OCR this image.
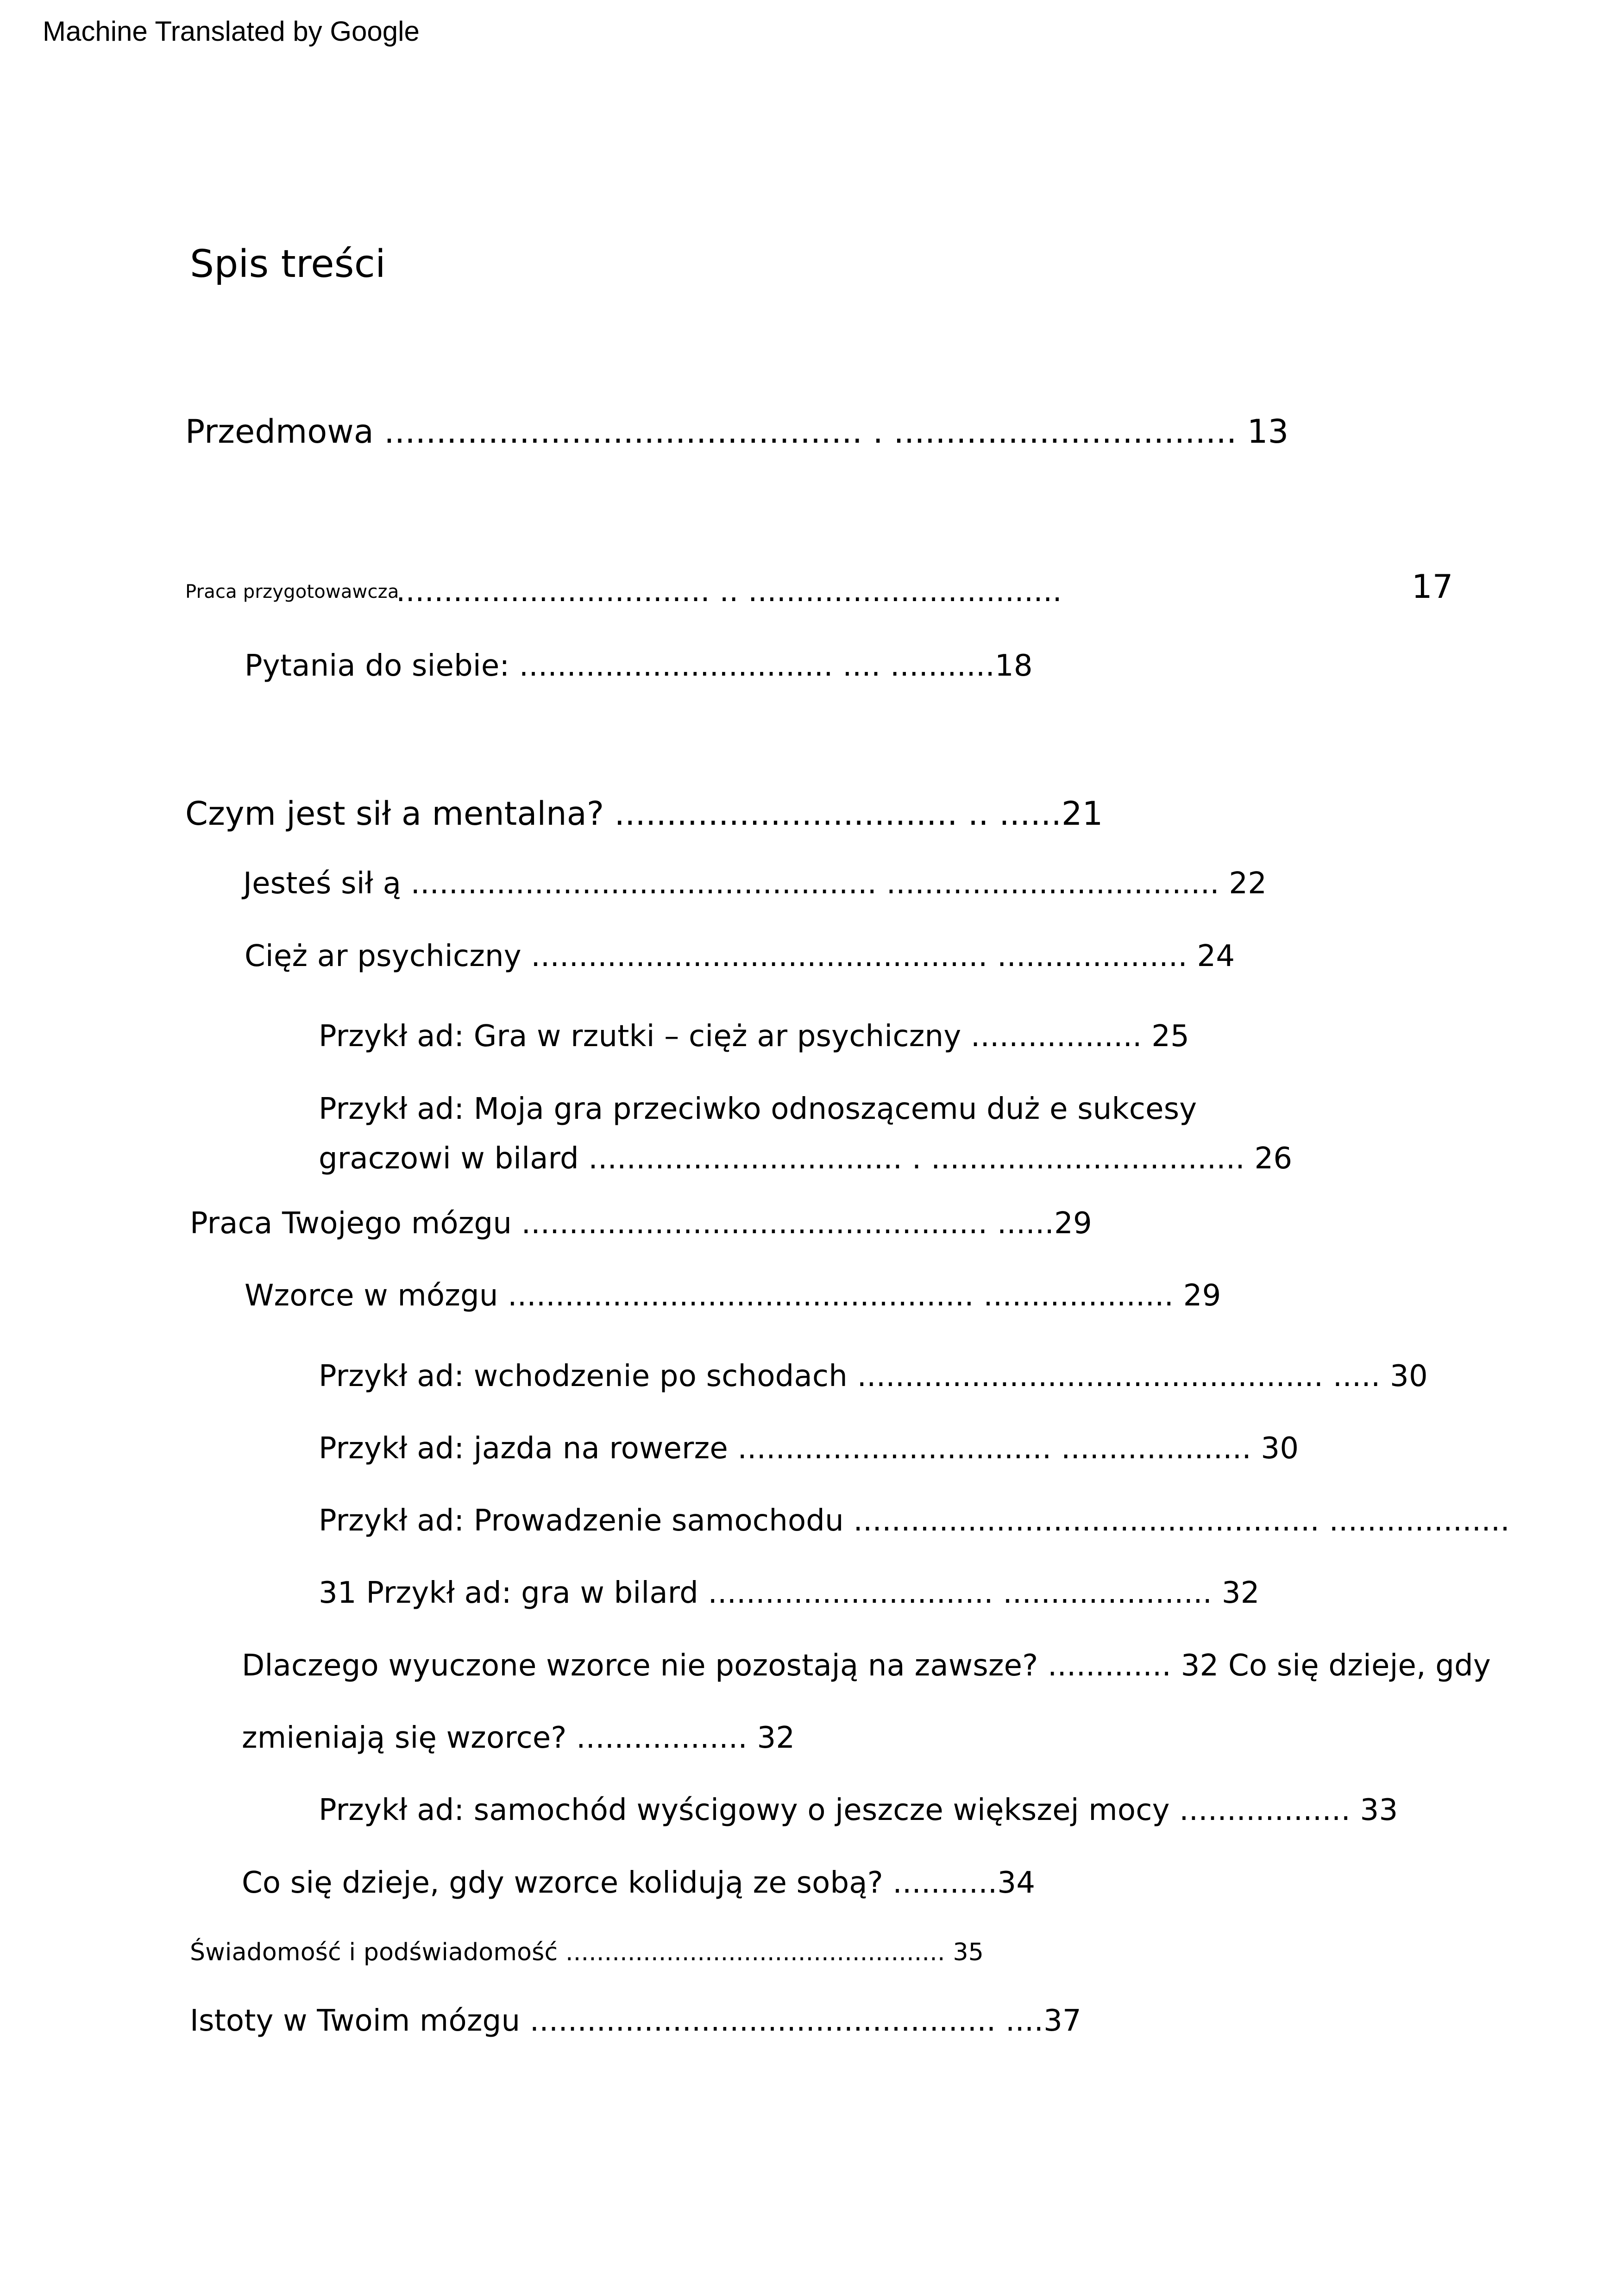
Machine Translated by Google
Spis treści
Przedmowa .............................................. . ................................. 13
Praca przygotowawcza
................................. .. .................................	17
Pytania do siebie: ................................. .... ...........18
Czym jest sił a mentalna? ................................. .. ......21
Jesteś sił ą ................................................. ................................... 22
Cięż ar psychiczny ................................................ .................... 24
Przykł ad: Gra w rzutki – cięż ar psychiczny .................. 25
Przykł ad: Moja gra przeciwko odnoszącemu duż e sukcesy
graczowi w bilard ................................. . ................................. 26
Praca Twojego mózgu ................................................. ......29
Wzorce w mózgu ................................................. .................... 29
Przykł ad: wchodzenie po schodach ................................................. ..... 30
Przykł ad: jazda na rowerze ................................. .................... 30
Przykł ad: Prowadzenie samochodu ................................................. ...................
31 Przykł ad: gra w bilard .............................. ...................... 32
Dlaczego wyuczone wzorce nie pozostają na zawsze? ............. 32 Co się dzieje, gdy
zmieniają się wzorce? .................. 32
Przykł ad: samochód wyścigowy o jeszcze większej mocy .................. 33
Co się dzieje, gdy wzorce kolidują ze sobą? ...........34
Świadomość i podświadomość ................................................. 35
Istoty w Twoim mózgu ................................................. ....37
